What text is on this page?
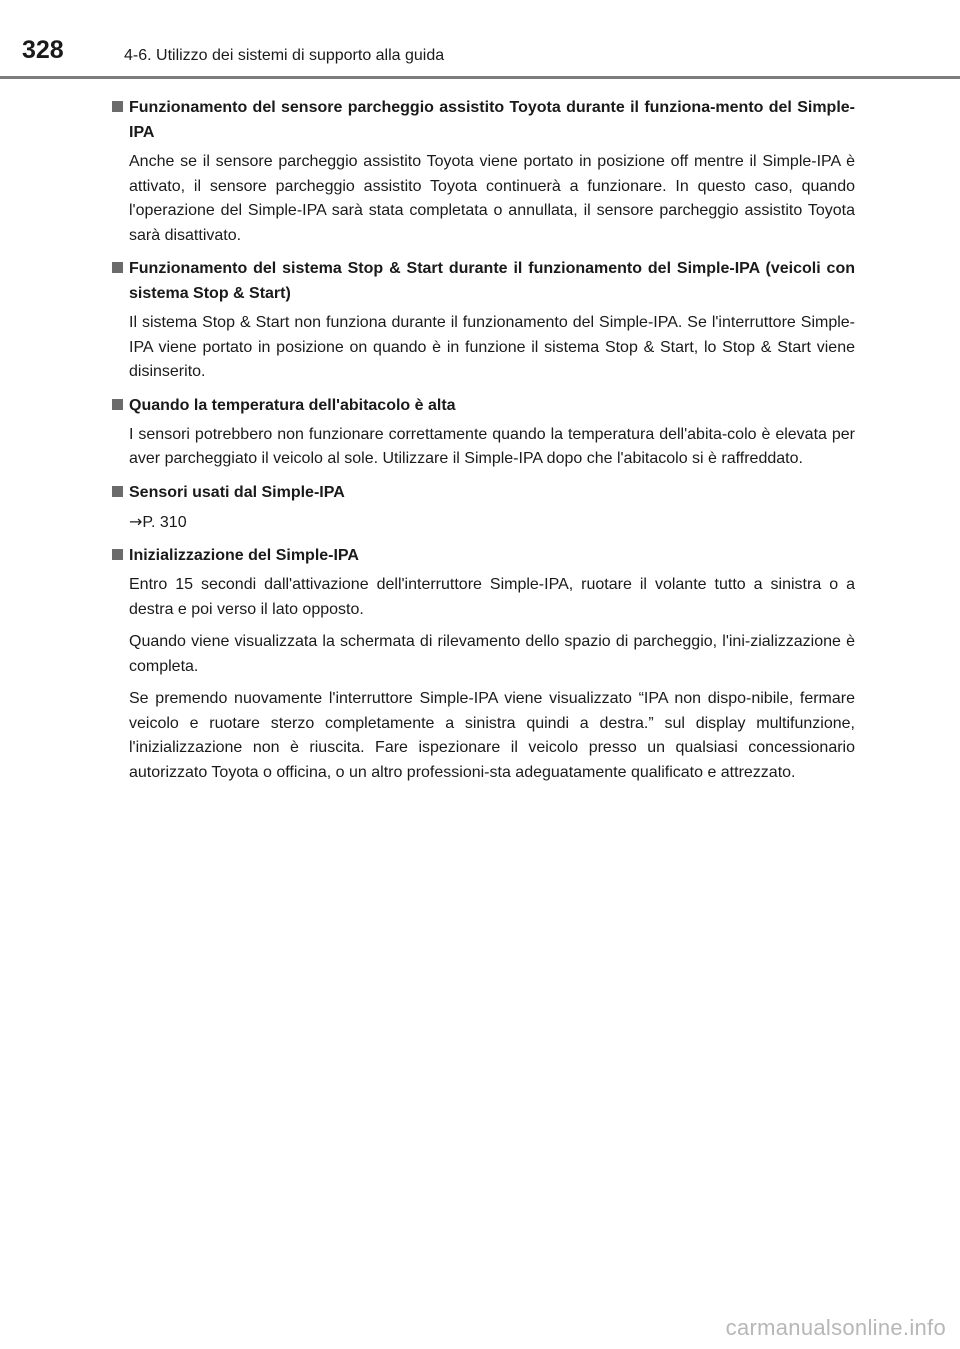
328	4-6. Utilizzo dei sistemi di supporto alla guida
Funzionamento del sensore parcheggio assistito Toyota durante il funziona-mento del Simple-IPA

Anche se il sensore parcheggio assistito Toyota viene portato in posizione off mentre il Simple-IPA è attivato, il sensore parcheggio assistito Toyota continuerà a funzionare. In questo caso, quando l'operazione del Simple-IPA sarà stata completata o annullata, il sensore parcheggio assistito Toyota sarà disattivato.

Funzionamento del sistema Stop & Start durante il funzionamento del Simple-IPA (veicoli con sistema Stop & Start)

Il sistema Stop & Start non funziona durante il funzionamento del Simple-IPA. Se l'interruttore Simple-IPA viene portato in posizione on quando è in funzione il sistema Stop & Start, lo Stop & Start viene disinserito.

Quando la temperatura dell'abitacolo è alta

I sensori potrebbero non funzionare correttamente quando la temperatura dell'abita-colo è elevata per aver parcheggiato il veicolo al sole. Utilizzare il Simple-IPA dopo che l'abitacolo si è raffreddato.

Sensori usati dal Simple-IPA

→P. 310

Inizializzazione del Simple-IPA

Entro 15 secondi dall'attivazione dell'interruttore Simple-IPA, ruotare il volante tutto a sinistra o a destra e poi verso il lato opposto.

Quando viene visualizzata la schermata di rilevamento dello spazio di parcheggio, l'ini-zializzazione è completa.

Se premendo nuovamente l'interruttore Simple-IPA viene visualizzato “IPA non dispo-nibile, fermare veicolo e ruotare sterzo completamente a sinistra quindi a destra.” sul display multifunzione, l'inizializzazione non è riuscita. Fare ispezionare il veicolo presso un qualsiasi concessionario autorizzato Toyota o officina, o un altro professioni-sta adeguatamente qualificato e attrezzato.

carmanualsonline.info
